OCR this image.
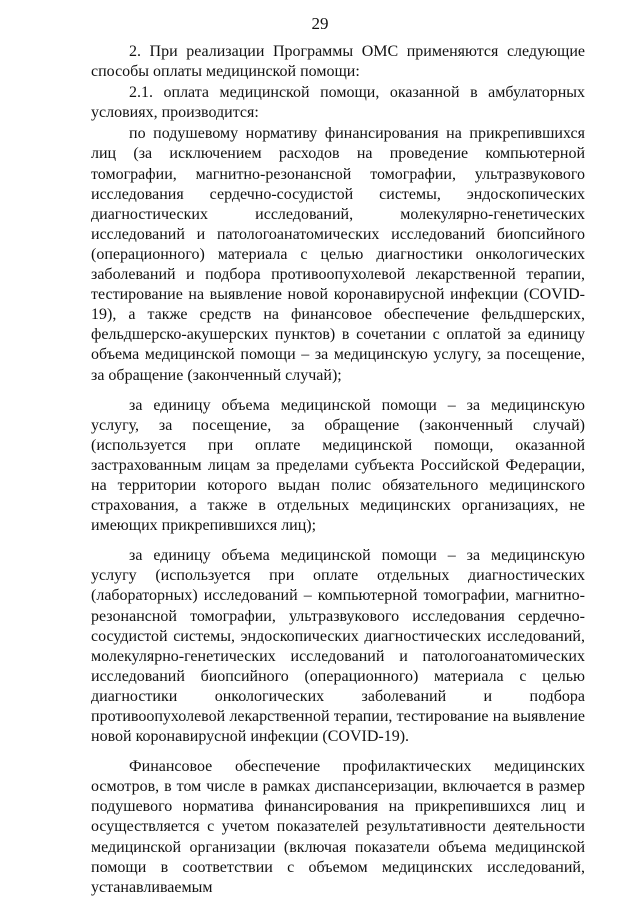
29

2. При реализации Программы ОМС применяются следующие способы оплаты медицинской помощи:

2.1. оплата медицинской помощи, оказанной в амбулаторных условиях, производится:

по подушевому нормативу финансирования на прикрепившихся лиц (за исключением расходов на проведение компьютерной томографии, магнитно-резонансной томографии, ультразвукового исследования сердечно-сосудистой системы, эндоскопических диагностических исследований, молекулярно-генетических исследований и патологоанатомических исследований биопсийного (операционного) материала с целью диагностики онкологических заболеваний и подбора противоопухолевой лекарственной терапии, тестирование на выявление новой коронавирусной инфекции (COVID-19), а также средств на финансовое обеспечение фельдшерских, фельдшерско-акушерских пунктов) в сочетании с оплатой за единицу объема медицинской помощи – за медицинскую услугу, за посещение, за обращение (законченный случай);

за единицу объема медицинской помощи – за медицинскую услугу, за посещение, за обращение (законченный случай) (используется при оплате медицинской помощи, оказанной застрахованным лицам за пределами субъекта Российской Федерации, на территории которого выдан полис обязательного медицинского страхования, а также в отдельных медицинских организациях, не имеющих прикрепившихся лиц);

за единицу объема медицинской помощи – за медицинскую услугу (используется при оплате отдельных диагностических (лабораторных) исследований – компьютерной томографии, магнитно-резонансной томографии, ультразвукового исследования сердечно-сосудистой системы, эндоскопических диагностических исследований, молекулярно-генетических исследований и патологоанатомических исследований биопсийного (операционного) материала с целью диагностики онкологических заболеваний и подбора противоопухолевой лекарственной терапии, тестирование на выявление новой коронавирусной инфекции (COVID-19).

Финансовое обеспечение профилактических медицинских осмотров, в том числе в рамках диспансеризации, включается в размер подушевого норматива финансирования на прикрепившихся лиц и осуществляется с учетом показателей результативности деятельности медицинской организации (включая показатели объема медицинской помощи в соответствии с объемом медицинских исследований, устанавливаемым
